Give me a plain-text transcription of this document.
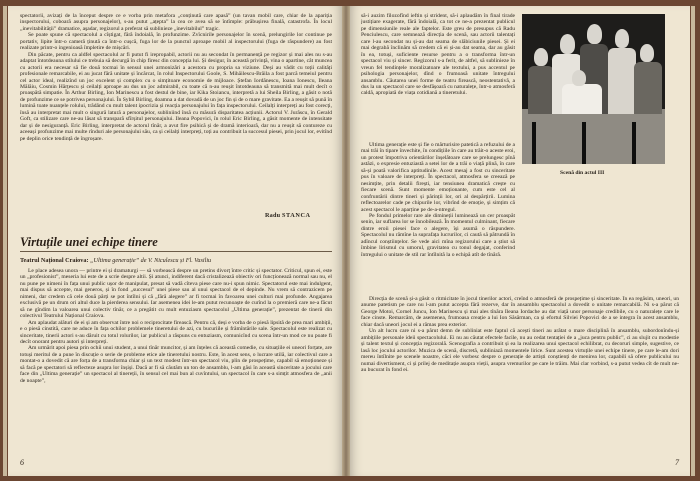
spectatorii, avizați de la început despre ce e vorba prin metafora „conținută care apasă” (un tavan mobil care, chiar de la apariția inspectorului, coboară asupra personajelor), s-au putut „ațepta” la cea ce avea să se întîmple: prăbușirea finală, catastrofa. În locul „inevitabilității” dramatice, aşadar, regizorul a preferat să sublinieze „inevitabilul” tragic.

Se poate spune că spectacolul a cîștigat, fără îndoială, în profunzime. Zvîcnirile personajelor în scenă, prelungirile lor continue pe portativ, lipite într-o cameră ținută ca într-o cușcă, fuga lor de la punctul aproape mobil al inspectorului (fuga de răspundere) au fost realizate printr-o ingenioasă împletire de mișcări.

Din păcate, pentru ca aldfel spectacolul ar fi putut fi irepropabil, actorii nu au secondat în permanență pe regizor și mai ales nu s-au adaptat întotdeauna stilului ce trebuia să decurgă în chip firesc din concepția lui. Și desigur, în această privință, vina o apartine, cât muncea cu actorii era necesar să fie două tocmai în sensul unei armonizări a acestora cu propria sa viziune. Deși au vădit cu toții calități profesionale remarcabile, ei au jucat fără unitate și încărcat, în rolul Inspectorului Goole, S. Mihăilescu-Brăila a fost parcă temeiul pentru cel actor ideal, realizînd un joc excelent și complex cu o simțitoare economie de mijloace. Ștefan Iordănescu, Ioana Ionescu, Ileana Mălăiu, Cosmin Hărțescu și ceilalți aproape au dus un joc admirabil, cu toate că n-au reușit întotdeauna să transmită mai mult decît o proaspătă simpatie. În Arthur Birling, Ion Marinescu a fost destul de bine, iar Kika Stoiancu, interpretă a lui Sheila Birling, a găsit o notă de profunzime ce se potrivea personajului. În Sybil Birling, doamna a dat dovadă de un joc fin și de o mare gravitate. Ea a reușit să pună în lumină toate nuanțele rolului, trădând cu mult talent ipocrizia și reacția personajului în fața inspectorului. Ceilalți interpreți au fost corecți, însă au interpretat mai mult o singură latură a personajelor, subliniind însă cu măsură disparitatea acțiunii. Actorul V. Jurăscu, în Gerald Goft, ca stilizare care ne-au lăsat să transpară sfîrșitul personajului. Ileana Popovici, în rolul Eric Birling, a găsit momente de intensitate dar și de nesiguranță. Eric Birling, interpretat de actorul tînăr, a avut fire psihică și de dramă interioară, dar nu a reușit să contureze cu aceeași profunzime mai multe rînduri ale personajului său, ca și ceilalți interpreți, toți au contribuit la succesul piesei, prin jocul lor, evitînd pe deplin orice tendință de îngroșare.

Radu STANCA
Virtuțile unei echipe tinere
Teatrul Național Craiova: „Ultima generație” de V. Niculescu și Fl. Vasiliu

Le place adesea unora — printre ei și dramaturgi — să vorbească despre un pretins divorț între critic și spectator. Criticul, spun ei, este un „profesionist”, meseria lui este de a scrie despre altii. Și atunci, indiferent dacă cristalizează obiectiv ori funcționează normal sau nu, el nu pune pe nimeni în fața unui public ușor de manipulat, presat să vadă cîteva piese care nu-i spun nimic. Spectatorul este mai indulgent, mai dispus să accepte, mai generos, și în fond „succesul” unei piese sau al unui spectacol de el depinde. Nu vrem să contrazicem pe nimeni, dar credem că cele două părți se pot întîlni și că „fără alegere” ar fi tocmai în favoarea unei culturi mai profunde. Angajarea exclusivă pe un drum ori altul duce la pierderea sensului. Iar asemenea idei le-am putut recunoaște de curînd la o premieră care ne-a făcut să ne gîndim la valoarea unui colectiv tînăr, ce a pregătit cu mult entuziasm spectacolul „Ultima generație”, prezentat de tinerii din colectivul Teatrului Național Craiova.

Am aplaudat alături de ei și am observat între noi o reciprocitate firească. Pentru că, deși e vorba de o piesă lipsită de prea mari ambiții, e o piesă cinstită, care ne aduce în fața ochilor problemele tineretului de azi, cu bucuriile și frămîntările sale. Spectacolul este realizat cu sinceritate, tinerii actori s-au dăruit cu totul rolurilor, iar publicul a răspuns cu entuziasm, comunicînd cu scena într-un mod ce nu poate fi decît onorant pentru autori și interpreți.

Am urmărit apoi piesa prin ochii unui student, a unui tînăr muncitor, și am înțeles că această comedie, cu situațiile ei uneori forțate, are totuși meritul de a pune în discuție o serie de probleme etice ale tineretului nostru. Este, în acest sens, o lucrare utilă, iar colectivul care a montat-o a dovedit că are forța de a transforma chiar și un text modest într-un spectacol viu, plin de prospețime, capabil să emoționeze și să facă pe spectatori să reflecteze asupra lor înșiși. Dacă ar fi să căutăm un ton de ansamblu, l-am găsi în această sinceritate a jocului care face din „Ultima generație” un spectacol al tinereții, în sensul cel mai bun al cuvîntului, un spectacol în care s-a simțit atmosfera de „anii de noapte”,

6
să-i auzim filozofînd ieftin și strident, să-i aplaudăm în final tirade justițiare exagerate, fără îndoială, ca tot ce ne-a prezentat publicul pe dimensiunile reale ale faptelor. Este greu de presupus că Radu Penciulescu, care semnează direcția de scenă, sau actorii talentați care l-au secondat nu și-au dat seama de slăbiciunile piesei. Și ei mai degrabă înclinăm să credem că ei și-au dat seama, dar au găsit în ea, totuși, suficiente resurse pentru a o transforma într-un spectacol viu și sincer. Regizorul s-a ferit, de altfel, să sublinieze în vreun fel tendințele moralizatoare ale textului, a pus accentul pe psihologia personajelor, dînd o frumoasă unitate întregului ansamblu. Căutarea unei forme de teatru firească, neostentativă, a dus la un spectacol care se desfășoară cu naturalețe, într-o atmosferă caldă, apropiată de viața cotidiană a tineretului.

Ultima generație este și fie o mărturisire patetică a refuzului de a mai trăi în tipare învechite, în condițiile în care au trăit-o aceste eroi, un protest împotriva orientărilor înșelătoare care se prelungesc pînă astăzi, o expresie entuziastă a setei lor de a trăi o viață plină, în care să-și poată valorifica aptitudinile. Acest mesaj a fost cu sinceritate pus în valoare de interpreți. În spectacol, atmosfera se creează pe nesimțite, prin detalii firești, iar tensiunea dramatică crește cu fiecare scenă. Sunt momente emoționante, cum este cel al confruntării dintre tineri și părinții lor, ori al despărțirii. Lumina reflectoarelor cade pe chipurile lor, vibrînd de emoție, și simțim că acest spectacol le aparține pe de-a-ntregul.

Pe fondul primelor rare ale dimineții luminează un cer proaspăt senin, iar suflarea lor se înnobilează. În momentul culminant, fiecare dintre eroii piesei face o alegere, își asumă o răspundere. Spectacolul nu rămîne la suprafața lucrurilor, ci caută să pătrundă în adîncul conștiințelor. Se vede aici mîna regizorului care a știut să îmbine lirismul cu umorul, gravitatea cu tonul degajat, conferind întregului o unitate de stil rar întîlnită la o echipă atît de tînără.

Scenă din actul III

Direcția de scenă și-a găsit o ritmicitate în jocul tinerilor actori, creînd o atmosferă de prospețime și sinceritate. În ea regăsim, uneori, un anume patetism pe care nu l-am putut accepta fără rezerve, dar în ansamblu spectacolul a dovedit o unitate remarcabilă. Ni s-a părut că George Motoi, Cornel Juncu, Ion Marinescu și mai ales tînăra Ileana Iordache au dat viață unor personaje credibile, cu o naturalețe care le face cinste. Remarcăm, de asemenea, frumoasa creație a lui Ion Săsărman, ca și efortul Silviei Popovici de a se integra în acest ansamblu, chiar dacă uneori jocul ei a rămas prea exterior.

Un alt lucru care ni s-a părut demn de subliniat este faptul că acești tineri au arătat o mare disciplină în ansamblu, subordonîndu-și ambițiile personale ideii spectacolului. Ei nu au căutat efectele facile, nu au cedat tentației de a „juca pentru public”, ci au slujit cu modestie și talent textul și concepția regizorală. Scenografia a contribuit și ea la realizarea unui spectacol echilibrat, cu decoruri simple, sugestive, ce lasă loc jocului actorilor. Muzica de scenă, discretă, subliniază momentele lirice. Sunt acestea virtuțile unei echipe tinere, pe care le-am dori mereu întîlnite pe scenele noastre, căci ele vorbesc despre o generație de artiști conștienți de menirea lor, capabili să ofere publicului nu numai divertisment, ci și prilej de meditație asupra vieții, asupra vremurilor pe care le trăim. Mai clar vorbind, s-a putut vedea cît de mult ne-au bucurat în fond ei.

7
